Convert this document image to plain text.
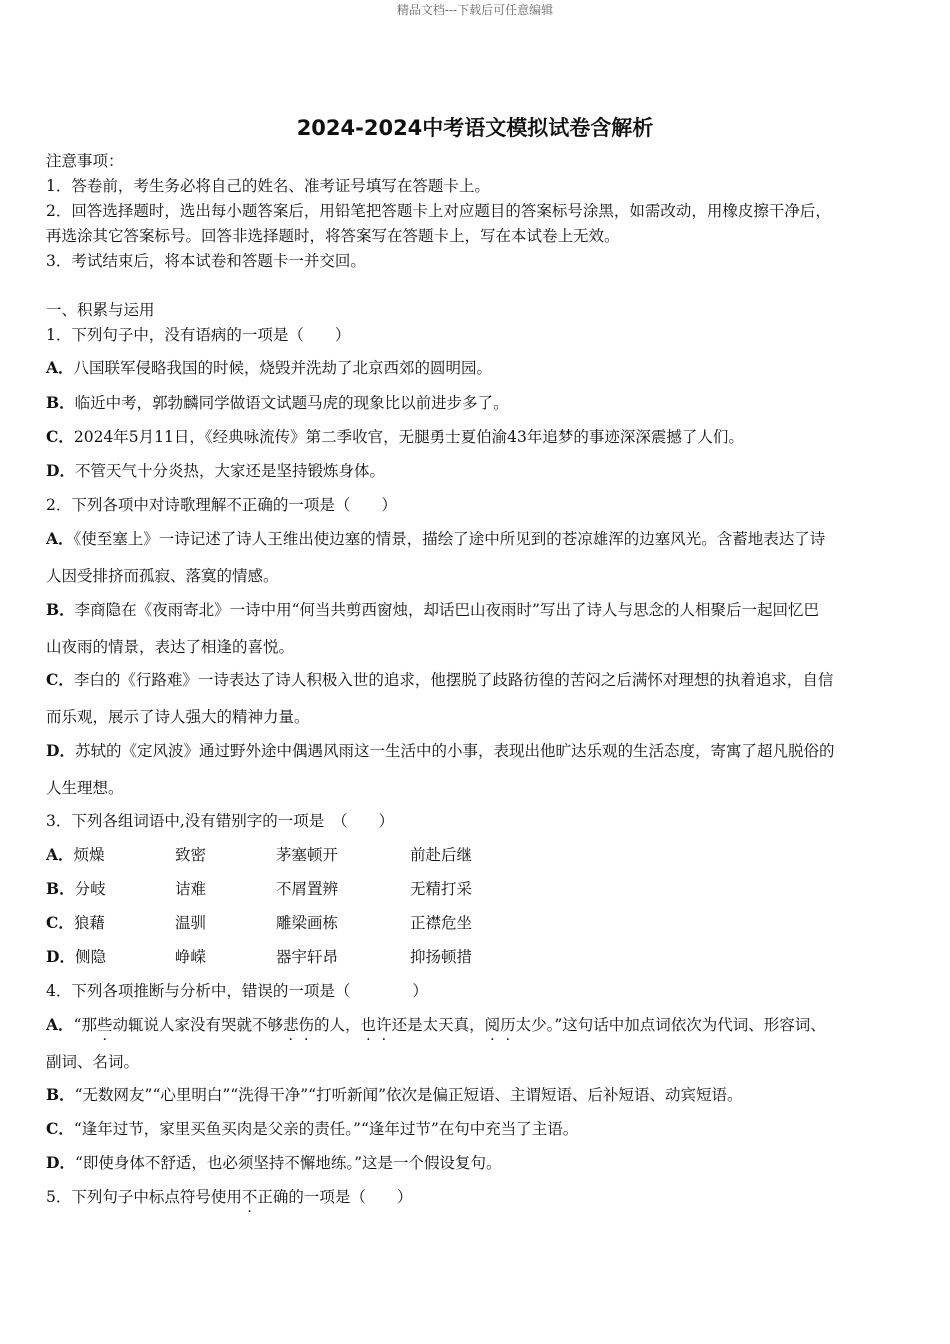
精品文档---下载后可任意编辑
2024-2024中考语文模拟试卷含解析
注意事项：
1．答卷前，考生务必将自己的姓名、准考证号填写在答题卡上。
2．回答选择题时，选出每小题答案后，用铅笔把答题卡上对应题目的答案标号涂黑，如需改动，用橡皮擦干净后，
再选涂其它答案标号。回答非选择题时，将答案写在答题卡上，写在本试卷上无效。
3．考试结束后，将本试卷和答题卡一并交回。
一、积累与运用
1．下列句子中，没有语病的一项是（　　）
A．八国联军侵略我国的时候，烧毁并洗劫了北京西郊的圆明园。
B．临近中考，郭勃麟同学做语文试题马虎的现象比以前进步多了。
C．2024年5月11日，《经典咏流传》第二季收官，无腿勇士夏伯渝43年追梦的事迹深深震撼了人们。
D．不管天气十分炎热，大家还是坚持锻炼身体。
2．下列各项中对诗歌理解不正确的一项是（　　）
A．《使至塞上》一诗记述了诗人王维出使边塞的情景，描绘了途中所见到的苍凉雄浑的边塞风光。含蓄地表达了诗
人因受排挤而孤寂、落寞的情感。
B．李商隐在《夜雨寄北》一诗中用“何当共剪西窗烛，却话巴山夜雨时”写出了诗人与思念的人相聚后一起回忆巴
山夜雨的情景，表达了相逢的喜悦。
C．李白的《行路难》一诗表达了诗人积极入世的追求，他摆脱了歧路彷徨的苦闷之后满怀对理想的执着追求，自信
而乐观，展示了诗人强大的精神力量。
D．苏轼的《定风波》通过野外途中偶遇风雨这一生活中的小事，表现出他旷达乐观的生活态度，寄寓了超凡脱俗的
人生理想。
3．下列各组词语中,没有错别字的一项是　（　　）
A．烦燥	致密	茅塞顿开	前赴后继
B．分岐	诘难	不屑置辨	无精打采
C．狼藉	温驯	雕梁画栋	正襟危坐
D．侧隐	峥嵘	器宇轩昂	抑扬顿措
4．下列各项推断与分析中，错误的一项是（　　　　）
A．“那些动辄说人家没有哭就不够悲伤的人，也许还是太天真，阅历太少。”这句话中加点词依次为代词、形容词、
副词、名词。
B．“无数网友”“心里明白”“洗得干净”“打听新闻”依次是偏正短语、主谓短语、后补短语、动宾短语。
C．“逢年过节，家里买鱼买肉是父亲的责任。”“逢年过节”在句中充当了主语。
D．“即使身体不舒适，也必须坚持不懈地练。”这是一个假设复句。
5．下列句子中标点符号使用不正确的一项是（　　）
